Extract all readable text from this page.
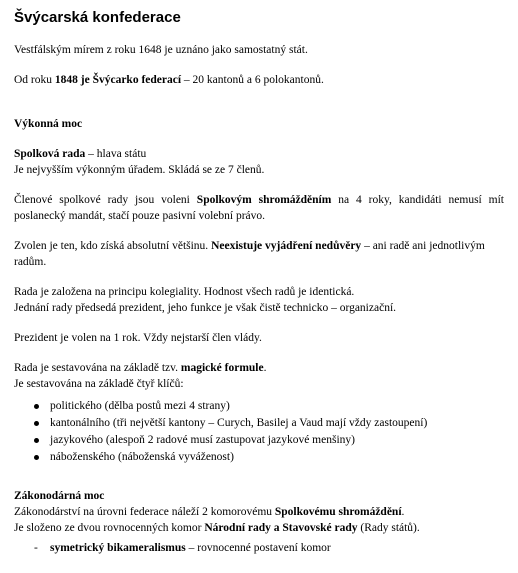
Švýcarská konfederace

Vestfálským mírem z roku 1648 je uznáno jako samostatný stát.

Od roku 1848 je Švýcarko federací – 20 kantonů a 6 polokantonů.

Výkonná moc

Spolková rada – hlava státu
Je nejvyšším výkonným úřadem. Skládá se ze 7 členů.

Členové spolkové rady jsou voleni Spolkovým shromážděním na 4 roky, kandidáti nemusí mít poslanecký mandát, stačí pouze pasivní volební právo.

Zvolen je ten, kdo získá absolutní většinu. Neexistuje vyjádření nedůvěry – ani radě ani jednotlivým radům.

Rada je založena na principu kolegiality. Hodnost všech radů je identická.
Jednání rady předsedá prezident, jeho funkce je však čistě technicko – organizační.

Prezident je volen na 1 rok. Vždy nejstarší člen vlády.

Rada je sestavována na základě tzv. magické formule.
Je sestavována na základě čtyř klíčů:

politického (dělba postů mezi 4 strany)
kantonálního (tři největší kantony – Curych, Basilej a Vaud mají vždy zastoupení)
jazykového (alespoň 2 radové musí zastupovat jazykové menšiny)
náboženského (náboženská vyváženost)
Zákonodárná moc

Zákonodárství na úrovni federace náleží 2 komorovému Spolkovému shromáždění.
Je složeno ze dvou rovnocenných komor Národní rady a Stavovské rady (Rady států).

- symetrický bikameralismus – rovnocenné postavení komor
